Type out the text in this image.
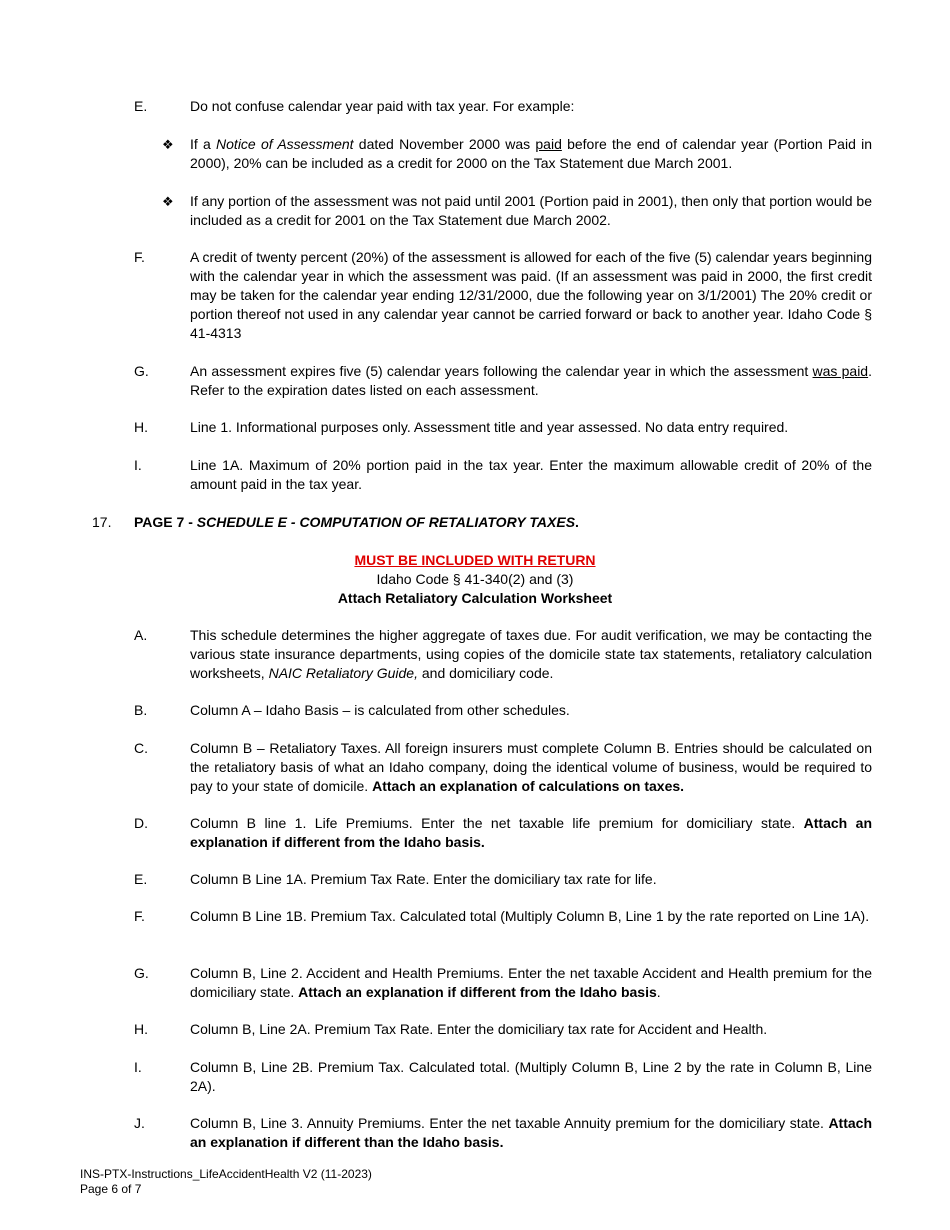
E.	Do not confuse calendar year paid with tax year. For example:
❖ If a Notice of Assessment dated November 2000 was paid before the end of calendar year (Portion Paid in 2000), 20% can be included as a credit for 2000 on the Tax Statement due March 2001.
❖ If any portion of the assessment was not paid until 2001 (Portion paid in 2001), then only that portion would be included as a credit for 2001 on the Tax Statement due March 2002.
F.	A credit of twenty percent (20%) of the assessment is allowed for each of the five (5) calendar years beginning with the calendar year in which the assessment was paid. (If an assessment was paid in 2000, the first credit may be taken for the calendar year ending 12/31/2000, due the following year on 3/1/2001) The 20% credit or portion thereof not used in any calendar year cannot be carried forward or back to another year. Idaho Code § 41-4313
G.	An assessment expires five (5) calendar years following the calendar year in which the assessment was paid. Refer to the expiration dates listed on each assessment.
H.	Line 1. Informational purposes only. Assessment title and year assessed. No data entry required.
I.	Line 1A. Maximum of 20% portion paid in the tax year. Enter the maximum allowable credit of 20% of the amount paid in the tax year.
17. PAGE 7 - SCHEDULE E - COMPUTATION OF RETALIATORY TAXES.
MUST BE INCLUDED WITH RETURN
Idaho Code § 41-340(2) and (3)
Attach Retaliatory Calculation Worksheet
A.	This schedule determines the higher aggregate of taxes due. For audit verification, we may be contacting the various state insurance departments, using copies of the domicile state tax statements, retaliatory calculation worksheets, NAIC Retaliatory Guide, and domiciliary code.
B.	Column A – Idaho Basis – is calculated from other schedules.
C.	Column B – Retaliatory Taxes. All foreign insurers must complete Column B. Entries should be calculated on the retaliatory basis of what an Idaho company, doing the identical volume of business, would be required to pay to your state of domicile. Attach an explanation of calculations on taxes.
D.	Column B line 1. Life Premiums. Enter the net taxable life premium for domiciliary state. Attach an explanation if different from the Idaho basis.
E.	Column B Line 1A. Premium Tax Rate. Enter the domiciliary tax rate for life.
F.	Column B Line 1B. Premium Tax. Calculated total (Multiply Column B, Line 1 by the rate reported on Line 1A).
G.	Column B, Line 2. Accident and Health Premiums. Enter the net taxable Accident and Health premium for the domiciliary state. Attach an explanation if different from the Idaho basis.
H.	Column B, Line 2A. Premium Tax Rate. Enter the domiciliary tax rate for Accident and Health.
I.	Column B, Line 2B. Premium Tax. Calculated total. (Multiply Column B, Line 2 by the rate in Column B, Line 2A).
J.	Column B, Line 3. Annuity Premiums. Enter the net taxable Annuity premium for the domiciliary state. Attach an explanation if different than the Idaho basis.
INS-PTX-Instructions_LifeAccidentHealth V2 (11-2023)
Page 6 of 7
